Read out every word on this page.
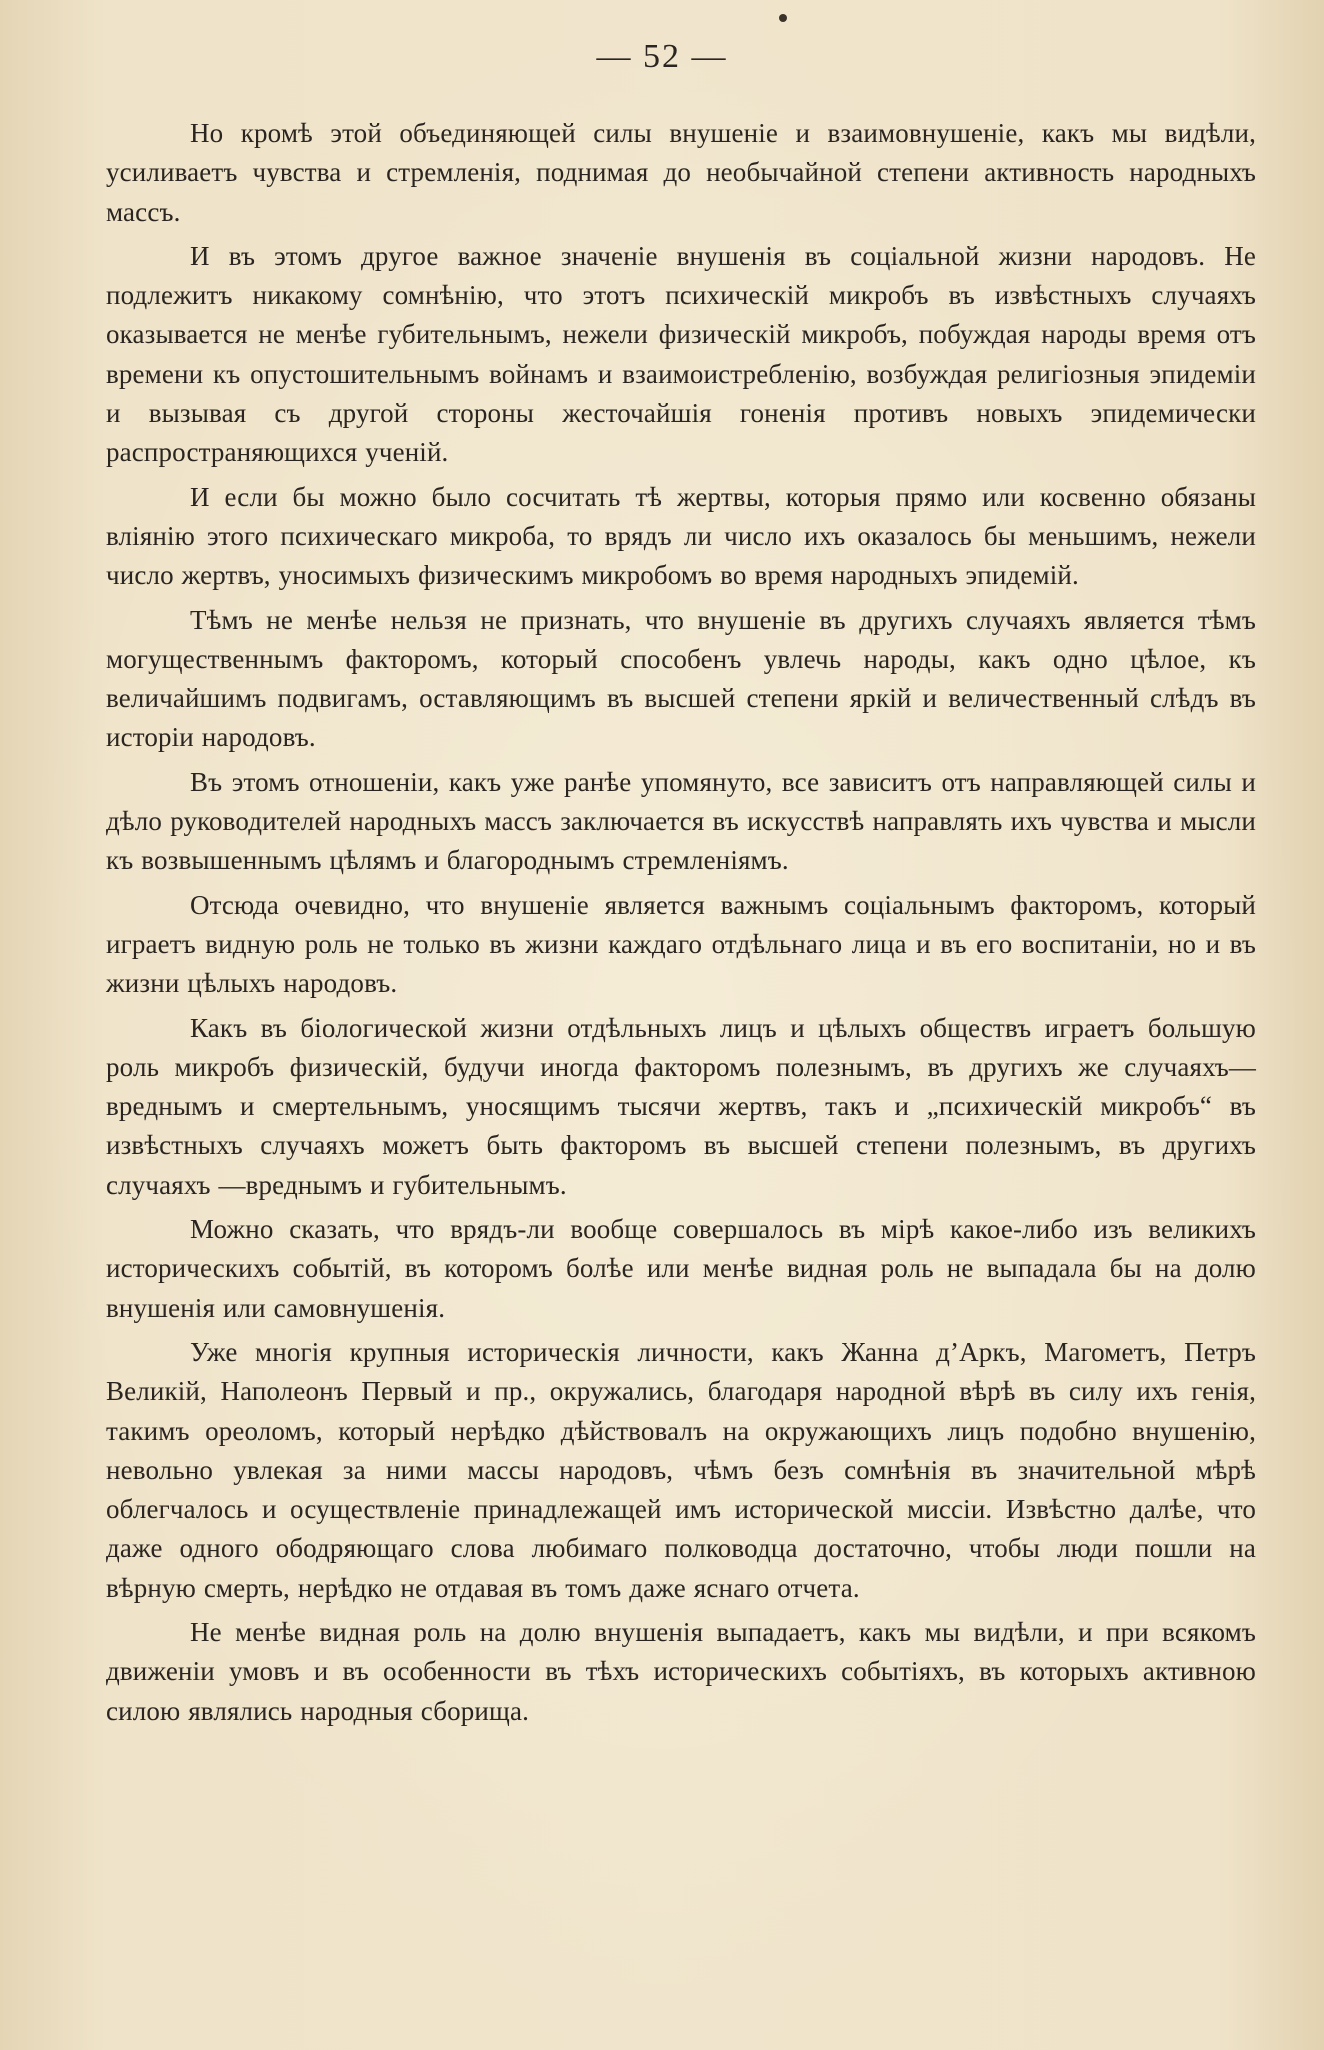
— 52 —

Но кромѣ этой объединяющей силы внушеніе и взаимовнушеніе, какъ мы видѣли, усиливаетъ чувства и стремленія, поднимая до необычайной степени активность народныхъ массъ.

И въ этомъ другое важное значеніе внушенія въ соціальной жизни народовъ. Не подлежитъ никакому сомнѣнію, что этотъ психическій микробъ въ извѣстныхъ случаяхъ оказывается не менѣе губительнымъ, нежели физическій микробъ, побуждая народы время отъ времени къ опустошительнымъ войнамъ и взаимоистребленію, возбуждая религіозныя эпидеміи и вызывая съ другой стороны жесточайшія гоненія противъ новыхъ эпидемически распространяющихся ученій.

И если бы можно было сосчитать тѣ жертвы, которыя прямо или косвенно обязаны вліянію этого психическаго микроба, то врядъ ли число ихъ оказалось бы меньшимъ, нежели число жертвъ, уносимыхъ физическимъ микробомъ во время народныхъ эпидемій.

Тѣмъ не менѣе нельзя не признать, что внушеніе въ другихъ случаяхъ является тѣмъ могущественнымъ факторомъ, который способенъ увлечь народы, какъ одно цѣлое, къ величайшимъ подвигамъ, оставляющимъ въ высшей степени яркій и величественный слѣдъ въ исторіи народовъ.

Въ этомъ отношеніи, какъ уже ранѣе упомянуто, все зависитъ отъ направляющей силы и дѣло руководителей народныхъ массъ заключается въ искусствѣ направлять ихъ чувства и мысли къ возвышеннымъ цѣлямъ и благороднымъ стремленіямъ.

Отсюда очевидно, что внушеніе является важнымъ соціальнымъ факторомъ, который играетъ видную роль не только въ жизни каждаго отдѣльнаго лица и въ его воспитаніи, но и въ жизни цѣлыхъ народовъ.

Какъ въ біологической жизни отдѣльныхъ лицъ и цѣлыхъ обществъ играетъ большую роль микробъ физическій, будучи иногда факторомъ полезнымъ, въ другихъ же случаяхъ—вреднымъ и смертельнымъ, уносящимъ тысячи жертвъ, такъ и „психическій микробъ“ въ извѣстныхъ случаяхъ можетъ быть факторомъ въ высшей степени полезнымъ, въ другихъ случаяхъ —вреднымъ и губительнымъ.

Можно сказать, что врядъ-ли вообще совершалось въ мірѣ какое-либо изъ великихъ историческихъ событій, въ которомъ болѣе или менѣе видная роль не выпадала бы на долю внушенія или самовнушенія.

Уже многія крупныя историческія личности, какъ Жанна д’Аркъ, Магометъ, Петръ Великій, Наполеонъ Первый и пр., окружались, благодаря народной вѣрѣ въ силу ихъ генія, такимъ ореоломъ, который нерѣдко дѣйствовалъ на окружающихъ лицъ подобно внушенію, невольно увлекая за ними массы народовъ, чѣмъ безъ сомнѣнія въ значительной мѣрѣ облегчалось и осуществленіе принадлежащей имъ исторической миссіи. Извѣстно далѣе, что даже одного ободряющаго слова любимаго полководца достаточно, чтобы люди пошли на вѣрную смерть, нерѣдко не отдавая въ томъ даже яснаго отчета.

Не менѣе видная роль на долю внушенія выпадаетъ, какъ мы видѣли, и при всякомъ движеніи умовъ и въ особенности въ тѣхъ историческихъ событіяхъ, въ которыхъ активною силою являлись народныя сборища.
